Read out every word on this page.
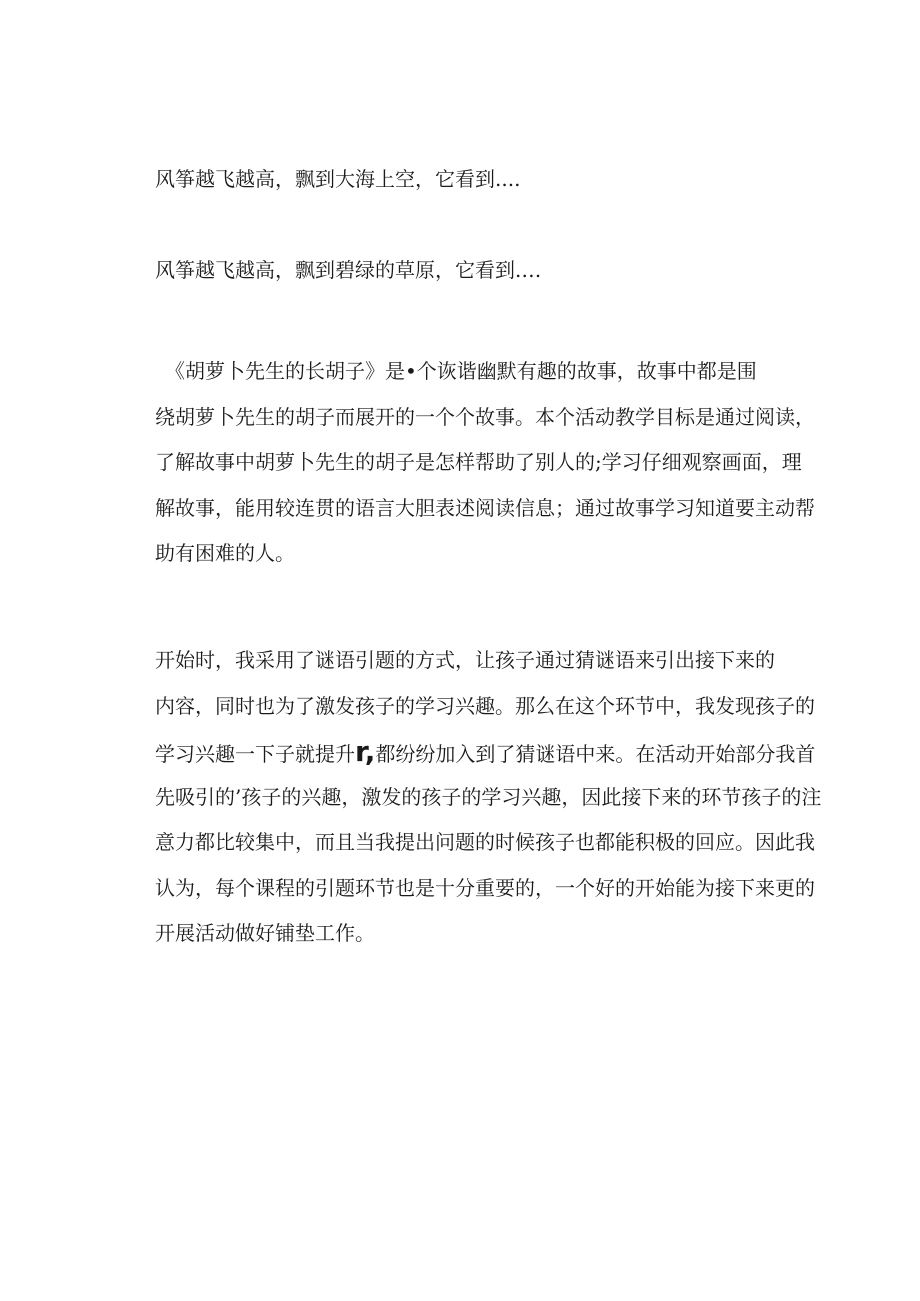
风筝越飞越高，飘到大海上空，它看到....
风筝越飞越高，飘到碧绿的草原，它看到.…
《胡萝卜先生的长胡子》是•个诙谐幽默有趣的故事，故事中都是围
绕胡萝卜先生的胡子而展开的一个个故事。本个活动教学目标是通过阅读，
了解故事中胡萝卜先生的胡子是怎样帮助了别人的;学习仔细观察画面，理
解故事，能用较连贯的语言大胆表述阅读信息；通过故事学习知道要主动帮
助有困难的人。
开始时，我采用了谜语引题的方式，让孩子通过猜谜语来引出接下来的
内容，同时也为了激发孩子的学习兴趣。那么在这个环节中，我发现孩子的
学习兴趣一下子就提升r,都纷纷加入到了猜谜语中来。在活动开始部分我首
先吸引的’孩子的兴趣，激发的孩子的学习兴趣，因此接下来的环节孩子的注
意力都比较集中，而且当我提出问题的时候孩子也都能积极的回应。因此我
认为，每个课程的引题环节也是十分重要的，一个好的开始能为接下来更的
开展活动做好铺垫工作。
